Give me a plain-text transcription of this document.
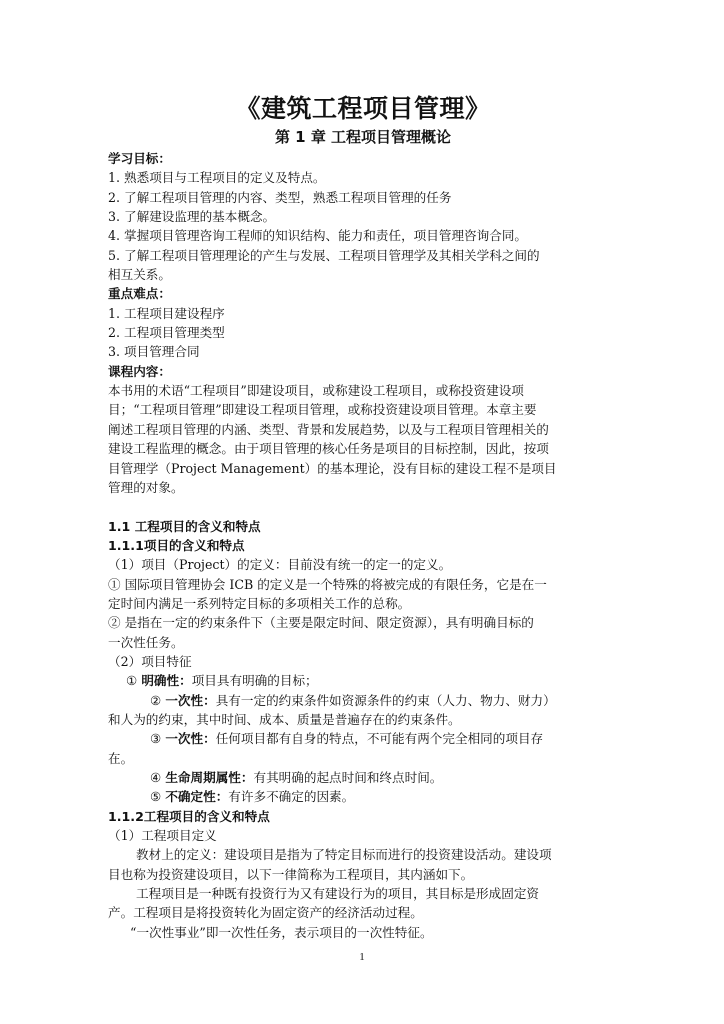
《建筑工程项目管理》
第 1 章 工程项目管理概论

学习目标：

1. 熟悉项目与工程项目的定义及特点。

2. 了解工程项目管理的内容、类型，熟悉工程项目管理的任务

3. 了解建设监理的基本概念。

4. 掌握项目管理咨询工程师的知识结构、能力和责任，项目管理咨询合同。

5. 了解工程项目管理理论的产生与发展、工程项目管理学及其相关学科之间的

相互关系。

重点难点：

1. 工程项目建设程序

2. 工程项目管理类型

3. 项目管理合同

课程内容：

本书用的术语“工程项目”即建设项目，或称建设工程项目，或称投资建设项

目；“工程项目管理”即建设工程项目管理，或称投资建设项目管理。本章主要

阐述工程项目管理的内涵、类型、背景和发展趋势，以及与工程项目管理相关的

建设工程监理的概念。由于项目管理的核心任务是项目的目标控制，因此，按项

目管理学（Project Management）的基本理论，没有目标的建设工程不是项目

管理的对象。

1.1 工程项目的含义和特点

1.1.1项目的含义和特点

（1）项目（Project）的定义：目前没有统一的定一的定义。

① 国际项目管理协会 ICB 的定义是一个特殊的将被完成的有限任务，它是在一

定时间内满足一系列特定目标的多项相关工作的总称。

② 是指在一定的约束条件下（主要是限定时间、限定资源），具有明确目标的

一次性任务。

（2）项目特征

① 明确性：项目具有明确的目标；

② 一次性：具有一定的约束条件如资源条件的约束（人力、物力、财力）

和人为的约束，其中时间、成本、质量是普遍存在的约束条件。

③ 一次性：任何项目都有自身的特点，不可能有两个完全相同的项目存

在。

④ 生命周期属性：有其明确的起点时间和终点时间。

⑤ 不确定性：有许多不确定的因素。

1.1.2工程项目的含义和特点

（1）工程项目定义

教材上的定义：建设项目是指为了特定目标而进行的投资建设活动。建设项

目也称为投资建设项目，以下一律简称为工程项目，其内涵如下。

工程项目是一种既有投资行为又有建设行为的项目，其目标是形成固定资

产。工程项目是将投资转化为固定资产的经济活动过程。

“一次性事业”即一次性任务，表示项目的一次性特征。

1
